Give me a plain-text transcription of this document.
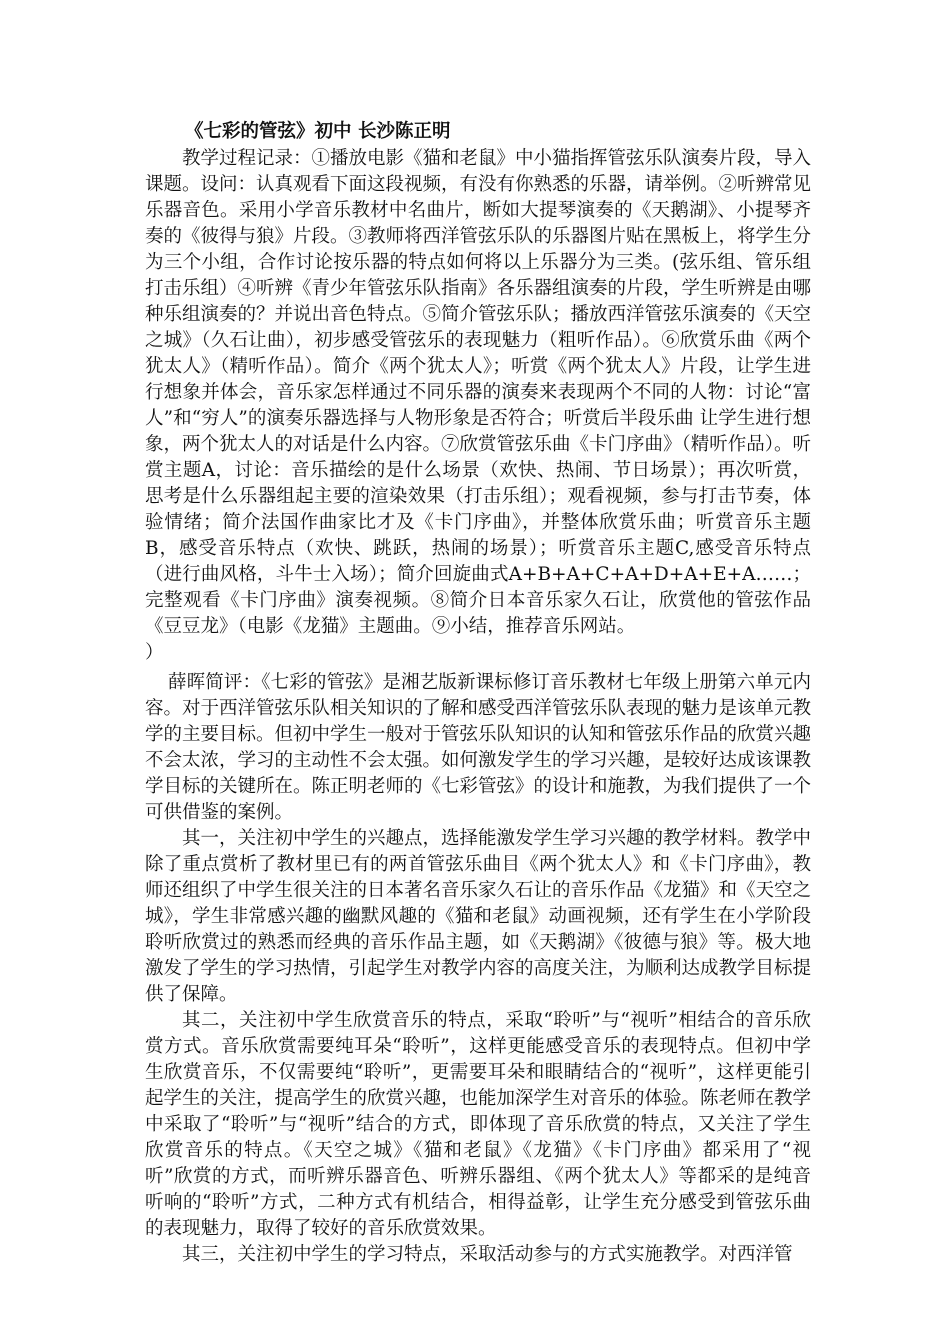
《七彩的管弦》初中 长沙陈正明

教学过程记录：①播放电影《猫和老鼠》中小猫指挥管弦乐队演奏片段，导入课题。设问：认真观看下面这段视频，有没有你熟悉的乐器，请举例。②听辨常见乐器音色。采用小学音乐教材中名曲片，断如大提琴演奏的《天鹅湖》、小提琴齐奏的《彼得与狼》片段。③教师将西洋管弦乐队的乐器图片贴在黑板上，将学生分为三个小组，合作讨论按乐器的特点如何将以上乐器分为三类。(弦乐组、管乐组打击乐组）④听辨《青少年管弦乐队指南》各乐器组演奏的片段，学生听辨是由哪种乐组演奏的？并说出音色特点。⑤简介管弦乐队；播放西洋管弦乐演奏的《天空之城》（久石让曲），初步感受管弦乐的表现魅力（粗听作品）。⑥欣赏乐曲《两个犹太人》（精听作品）。简介《两个犹太人》；听赏《两个犹太人》片段，让学生进行想象并体会，音乐家怎样通过不同乐器的演奏来表现两个不同的人物：讨论“富人”和“穷人”的演奏乐器选择与人物形象是否符合；听赏后半段乐曲 让学生进行想象，两个犹太人的对话是什么内容。⑦欣赏管弦乐曲《卡门序曲》（精听作品）。听赏主题A，讨论：音乐描绘的是什么场景（欢快、热闹、节日场景）；再次听赏，思考是什么乐器组起主要的渲染效果（打击乐组）；观看视频，参与打击节奏，体验情绪；简介法国作曲家比才及《卡门序曲》，并整体欣赏乐曲；听赏音乐主题B，感受音乐特点（欢快、跳跃，热闹的场景）；听赏音乐主题C,感受音乐特点（进行曲风格，斗牛士入场）；简介回旋曲式A+B+A+C+A+D+A+E+A……；完整观看《卡门序曲》演奏视频。⑧简介日本音乐家久石让，欣赏他的管弦作品《豆豆龙》（电影《龙猫》主题曲。⑨小结，推荐音乐网站。

）

薛晖简评：《七彩的管弦》是湘艺版新课标修订音乐教材七年级上册第六单元内容。对于西洋管弦乐队相关知识的了解和感受西洋管弦乐队表现的魅力是该单元教学的主要目标。但初中学生一般对于管弦乐队知识的认知和管弦乐作品的欣赏兴趣不会太浓，学习的主动性不会太强。如何激发学生的学习兴趣，是较好达成该课教学目标的关键所在。陈正明老师的《七彩管弦》的设计和施教，为我们提供了一个可供借鉴的案例。

其一，关注初中学生的兴趣点，选择能激发学生学习兴趣的教学材料。教学中除了重点赏析了教材里已有的两首管弦乐曲目《两个犹太人》和《卡门序曲》，教师还组织了中学生很关注的日本著名音乐家久石让的音乐作品《龙猫》和《天空之城》，学生非常感兴趣的幽默风趣的《猫和老鼠》动画视频，还有学生在小学阶段聆听欣赏过的熟悉而经典的音乐作品主题，如《天鹅湖》《彼德与狼》等。极大地激发了学生的学习热情，引起学生对教学内容的高度关注，为顺利达成教学目标提供了保障。

其二，关注初中学生欣赏音乐的特点，采取“聆听”与“视听”相结合的音乐欣赏方式。音乐欣赏需要纯耳朵“聆听”，这样更能感受音乐的表现特点。但初中学生欣赏音乐，不仅需要纯“聆听”，更需要耳朵和眼睛结合的“视听”，这样更能引起学生的关注，提高学生的欣赏兴趣，也能加深学生对音乐的体验。陈老师在教学中采取了“聆听”与“视听”结合的方式，即体现了音乐欣赏的特点，又关注了学生欣赏音乐的特点。《天空之城》《猫和老鼠》《龙猫》《卡门序曲》都采用了“视听”欣赏的方式，而听辨乐器音色、听辨乐器组、《两个犹太人》等都采的是纯音听响的“聆听”方式，二种方式有机结合，相得益彰，让学生充分感受到管弦乐曲的表现魅力，取得了较好的音乐欣赏效果。

其三，关注初中学生的学习特点，采取活动参与的方式实施教学。对西洋管
